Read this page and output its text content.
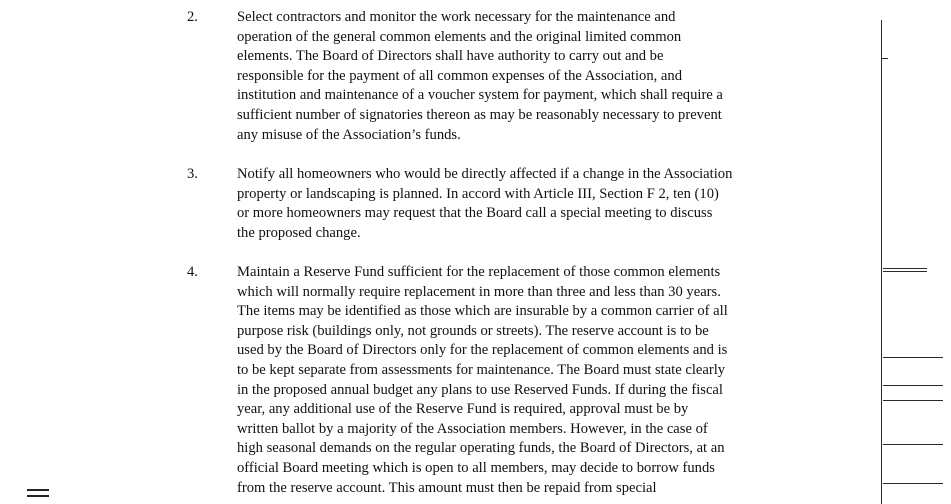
2.	Select contractors and monitor the work necessary for the maintenance and
operation of the general common elements and the original limited common
elements. The Board of Directors shall have authority to carry out and be
responsible for the payment of all common expenses of the Association, and
institution and maintenance of a voucher system for payment, which shall require a
sufficient number of signatories thereon as may be reasonably necessary to prevent
any misuse of the Association’s funds.
3.	Notify all homeowners who would be directly affected if a change in the Association
property or landscaping is planned. In accord with Article III, Section F 2, ten (10)
or more homeowners may request that the Board call a special meeting to discuss
the proposed change.
4.	Maintain a Reserve Fund sufficient for the replacement of those common elements
which will normally require replacement in more than three and less than 30 years.
The items may be identified as those which are insurable by a common carrier of all
purpose risk (buildings only, not grounds or streets). The reserve account is to be
used by the Board of Directors only for the replacement of common elements and is
to be kept separate from assessments for maintenance. The Board must state clearly
in the proposed annual budget any plans to use Reserved Funds. If during the fiscal
year, any additional use of the Reserve Fund is required, approval must be by
written ballot by a majority of the Association members. However, in the case of
high seasonal demands on the regular operating funds, the Board of Directors, at an
official Board meeting which is open to all members, may decide to borrow funds
from the reserve account. This amount must then be repaid from special
